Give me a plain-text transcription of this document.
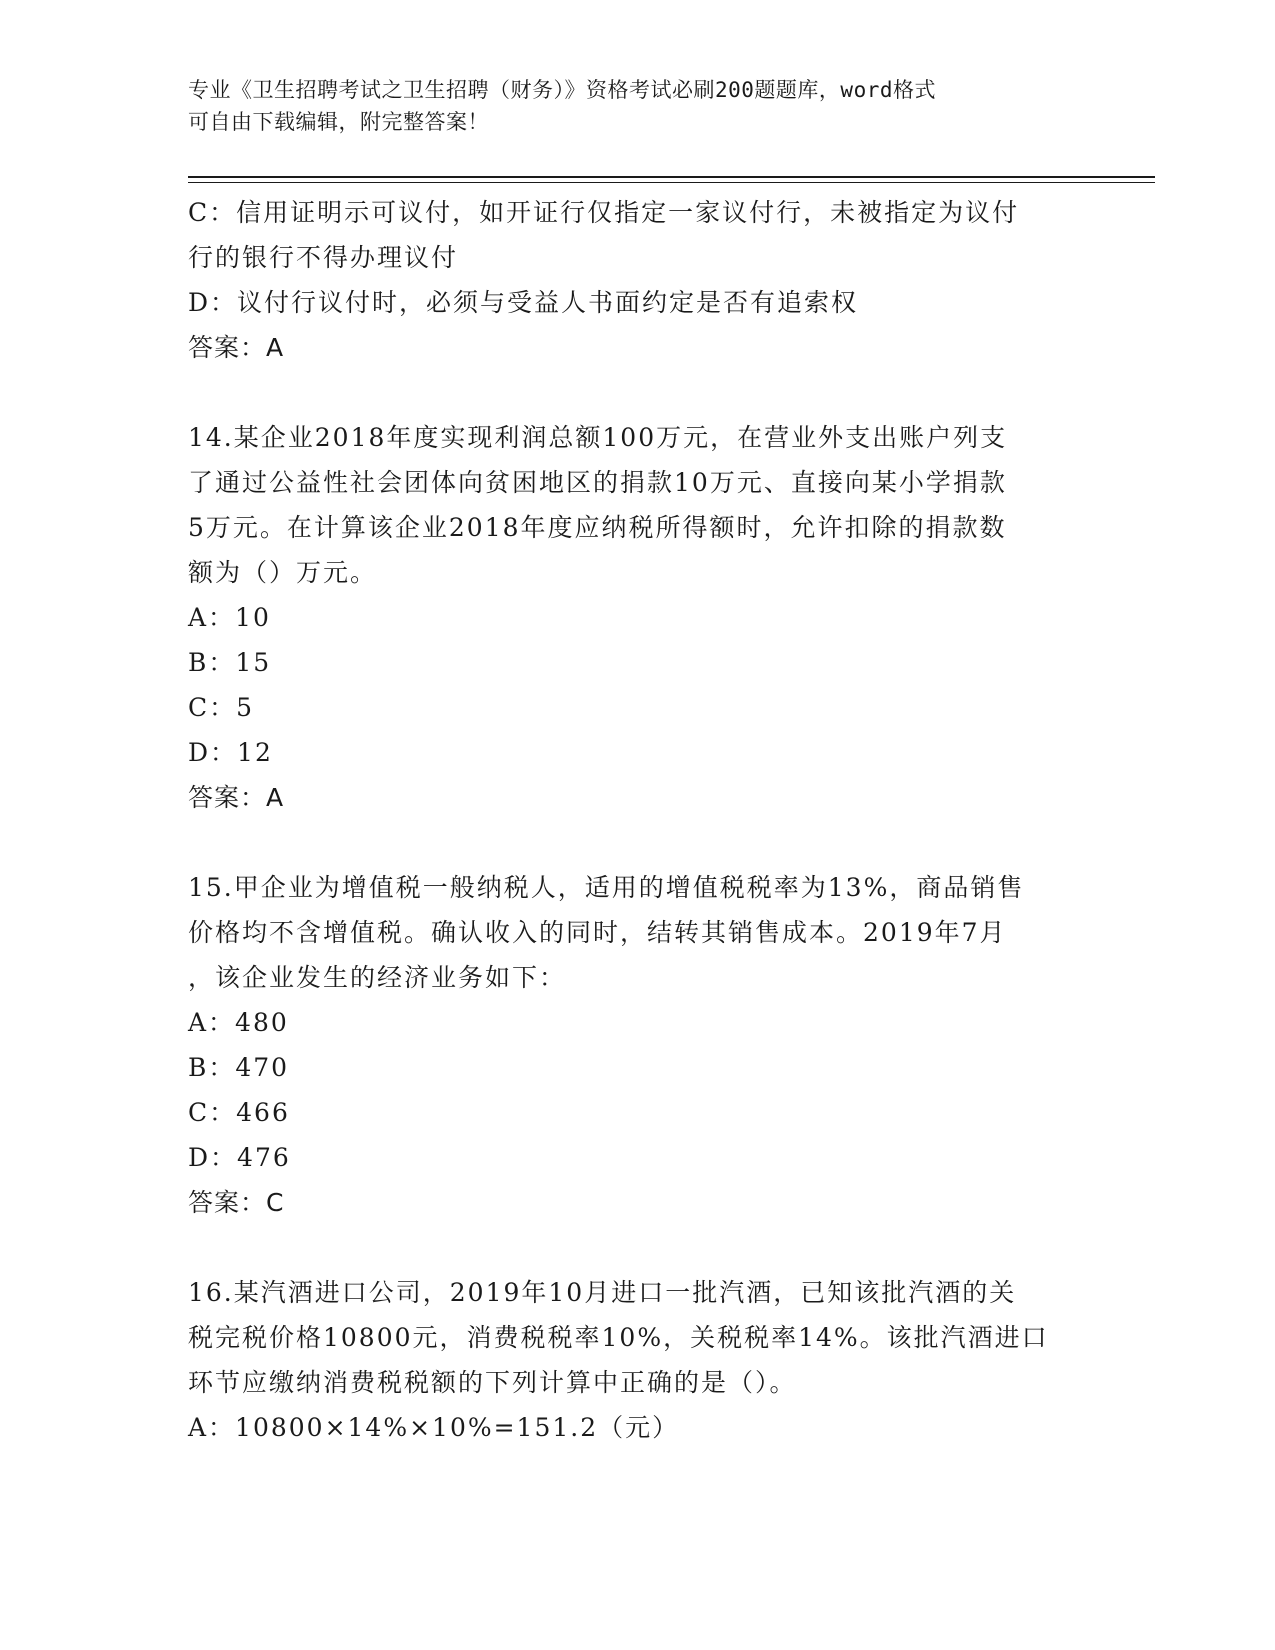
专业《卫生招聘考试之卫生招聘（财务）》资格考试必刷200题题库，word格式
可自由下载编辑，附完整答案！
C：信用证明示可议付，如开证行仅指定一家议付行，未被指定为议付
行的银行不得办理议付
D：议付行议付时，必须与受益人书面约定是否有追索权
答案：A
14.某企业2018年度实现利润总额100万元，在营业外支出账户列支
了通过公益性社会团体向贫困地区的捐款10万元、直接向某小学捐款
5万元。在计算该企业2018年度应纳税所得额时，允许扣除的捐款数
额为（）万元。
A：10
B：15
C：5
D：12
答案：A
15.甲企业为增值税一般纳税人，适用的增值税税率为13%，商品销售
价格均不含增值税。确认收入的同时，结转其销售成本。2019年7月
，该企业发生的经济业务如下：
A：480
B：470
C：466
D：476
答案：C
16.某汽酒进口公司，2019年10月进口一批汽酒，已知该批汽酒的关
税完税价格10800元，消费税税率10%，关税税率14%。该批汽酒进口
环节应缴纳消费税税额的下列计算中正确的是（）。
A：10800×14%×10%=151.2（元）
